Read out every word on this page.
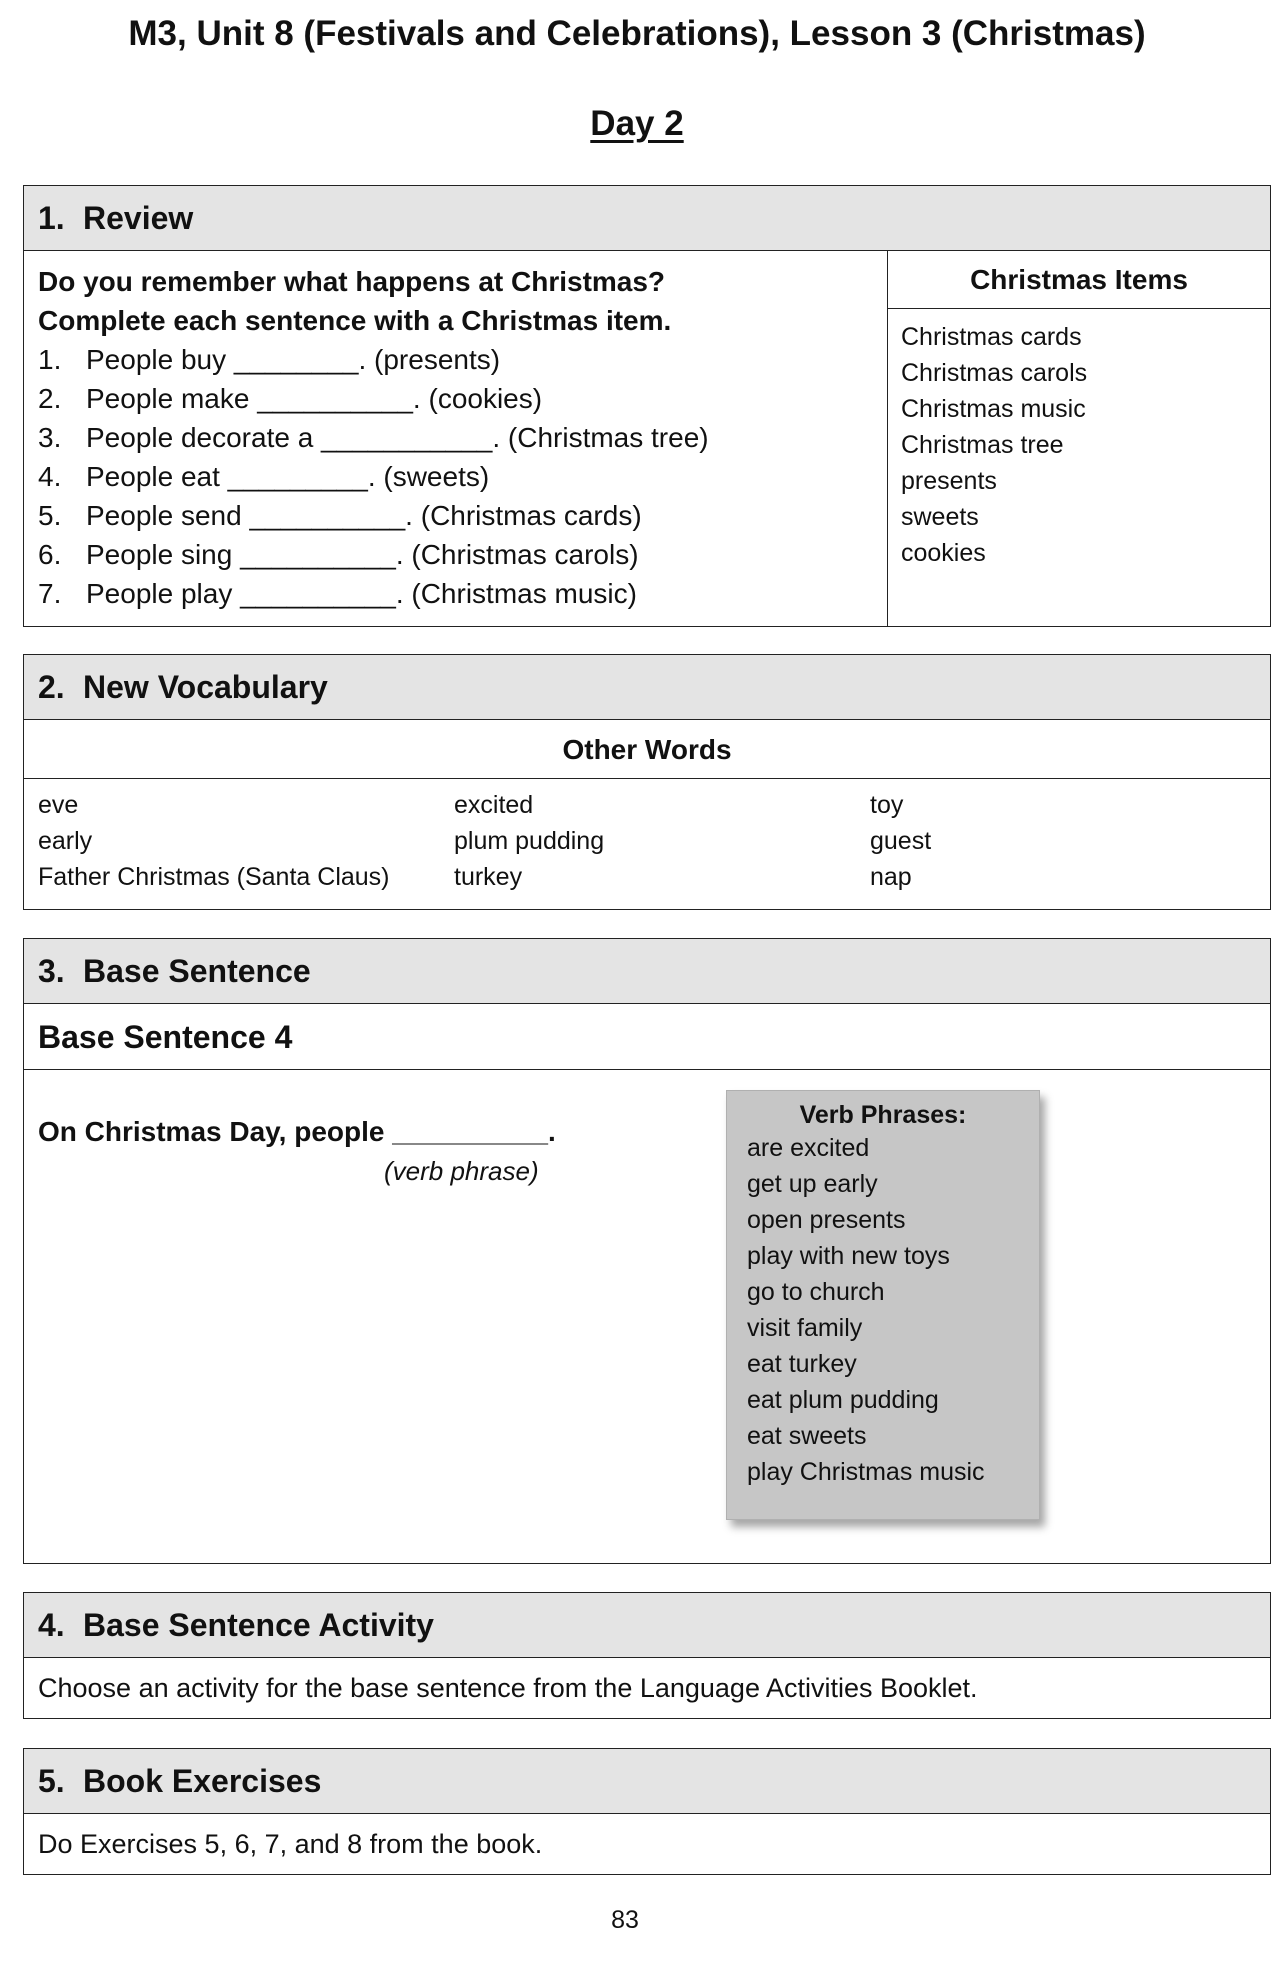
M3, Unit 8 (Festivals and Celebrations), Lesson 3 (Christmas)
Day 2
1. Review
Do you remember what happens at Christmas?
Complete each sentence with a Christmas item.
1. People buy ________. (presents)
2. People make __________. (cookies)
3. People decorate a ___________. (Christmas tree)
4. People eat _________. (sweets)
5. People send __________. (Christmas cards)
6. People sing __________. (Christmas carols)
7. People play __________. (Christmas music)
Christmas Items
Christmas cards
Christmas carols
Christmas music
Christmas tree
presents
sweets
cookies
2. New Vocabulary
Other Words
eve
early
Father Christmas (Santa Claus)
excited
plum pudding
turkey
toy
guest
nap
3. Base Sentence
Base Sentence 4
On Christmas Day, people __________.
(verb phrase)
Verb Phrases:
are excited
get up early
open presents
play with new toys
go to church
visit family
eat turkey
eat plum pudding
eat sweets
play Christmas music
4. Base Sentence Activity
Choose an activity for the base sentence from the Language Activities Booklet.
5. Book Exercises
Do Exercises 5, 6, 7, and 8 from the book.
83
